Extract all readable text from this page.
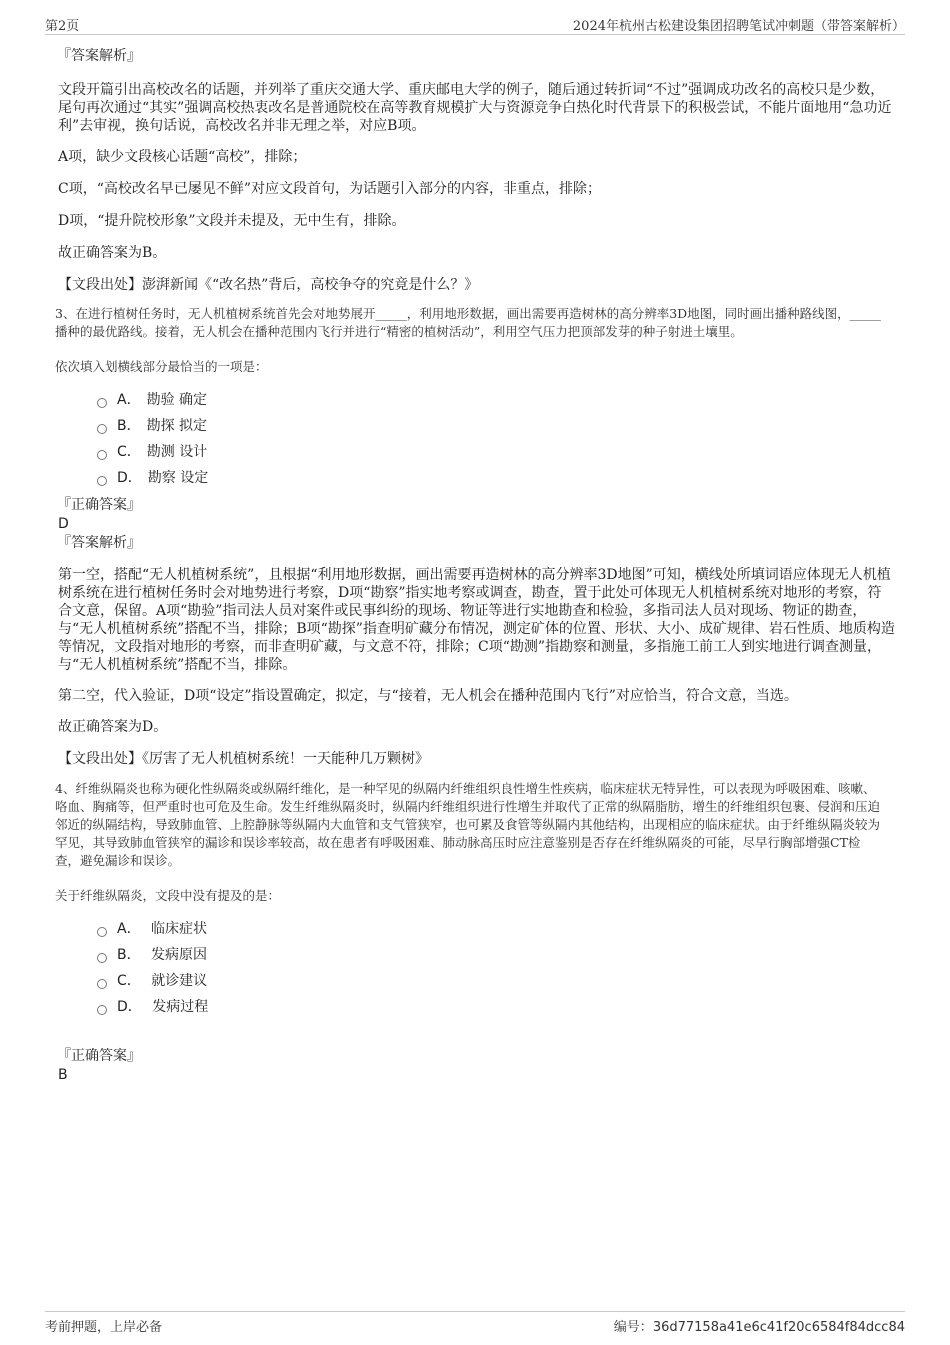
第2页	2024年杭州古松建设集团招聘笔试冲刺题（带答案解析）
『答案解析』
文段开篇引出高校改名的话题，并列举了重庆交通大学、重庆邮电大学的例子，随后通过转折词“不过”强调成功改名的高校只是少数，尾句再次通过“其实”强调高校热衷改名是普通院校在高等教育规模扩大与资源竞争白热化时代背景下的积极尝试，不能片面地用“急功近利”去审视，换句话说，高校改名并非无理之举，对应B项。
A项，缺少文段核心话题“高校”，排除；
C项，“高校改名早已屡见不鲜”对应文段首句，为话题引入部分的内容，非重点，排除；
D项，“提升院校形象”文段并未提及，无中生有，排除。
故正确答案为B。
【文段出处】澎湃新闻《“改名热”背后，高校争夺的究竟是什么？》
3、在进行植树任务时，无人机植树系统首先会对地势展开_____，利用地形数据，画出需要再造树林的高分辨率3D地图，同时画出播种路线图，_____播种的最优路线。接着，无人机会在播种范围内飞行并进行“精密的植树活动”，利用空气压力把顶部发芽的种子射进土壤里。
依次填入划横线部分最恰当的一项是：
A． 勘验 确定
B． 勘探 拟定
C． 勘测 设计
D． 勘察 设定
『正确答案』
D
『答案解析』
第一空，搭配“无人机植树系统”，且根据“利用地形数据，画出需要再造树林的高分辨率3D地图”可知，横线处所填词语应体现无人机植树系统在进行植树任务时会对地势进行考察，D项“勘察”指实地考察或调查，勘查，置于此处可体现无人机植树系统对地形的考察，符合文意，保留。A项“勘验”指司法人员对案件或民事纠纷的现场、物证等进行实地勘查和检验，多指司法人员对现场、物证的勘查，与“无人机植树系统”搭配不当，排除；B项“勘探”指查明矿藏分布情况，测定矿体的位置、形状、大小、成矿规律、岩石性质、地质构造等情况，文段指对地形的考察，而非查明矿藏，与文意不符，排除；C项“勘测”指勘察和测量，多指施工前工人到实地进行调查测量，与“无人机植树系统”搭配不当，排除。
第二空，代入验证，D项“设定”指设置确定，拟定，与“接着，无人机会在播种范围内飞行”对应恰当，符合文意，当选。
故正确答案为D。
【文段出处】《厉害了无人机植树系统！一天能种几万颗树》
4、纤维纵隔炎也称为硬化性纵隔炎或纵隔纤维化，是一种罕见的纵隔内纤维组织良性增生性疾病，临床症状无特异性，可以表现为呼吸困难、咳嗽、咯血、胸痛等，但严重时也可危及生命。发生纤维纵隔炎时，纵隔内纤维组织进行性增生并取代了正常的纵隔脂肪，增生的纤维组织包裹、侵润和压迫邻近的纵隔结构，导致肺血管、上腔静脉等纵隔内大血管和支气管狭窄，也可累及食管等纵隔内其他结构，出现相应的临床症状。由于纤维纵隔炎较为罕见，其导致肺血管狭窄的漏诊和误诊率较高，故在患者有呼吸困难、肺动脉高压时应注意鉴别是否存在纤维纵隔炎的可能，尽早行胸部增强CT检查，避免漏诊和误诊。
关于纤维纵隔炎，文段中没有提及的是：
A． 临床症状
B． 发病原因
C． 就诊建议
D． 发病过程
『正确答案』
B
考前押题，上岸必备	编号：36d77158a41e6c41f20c6584f84dcc84
